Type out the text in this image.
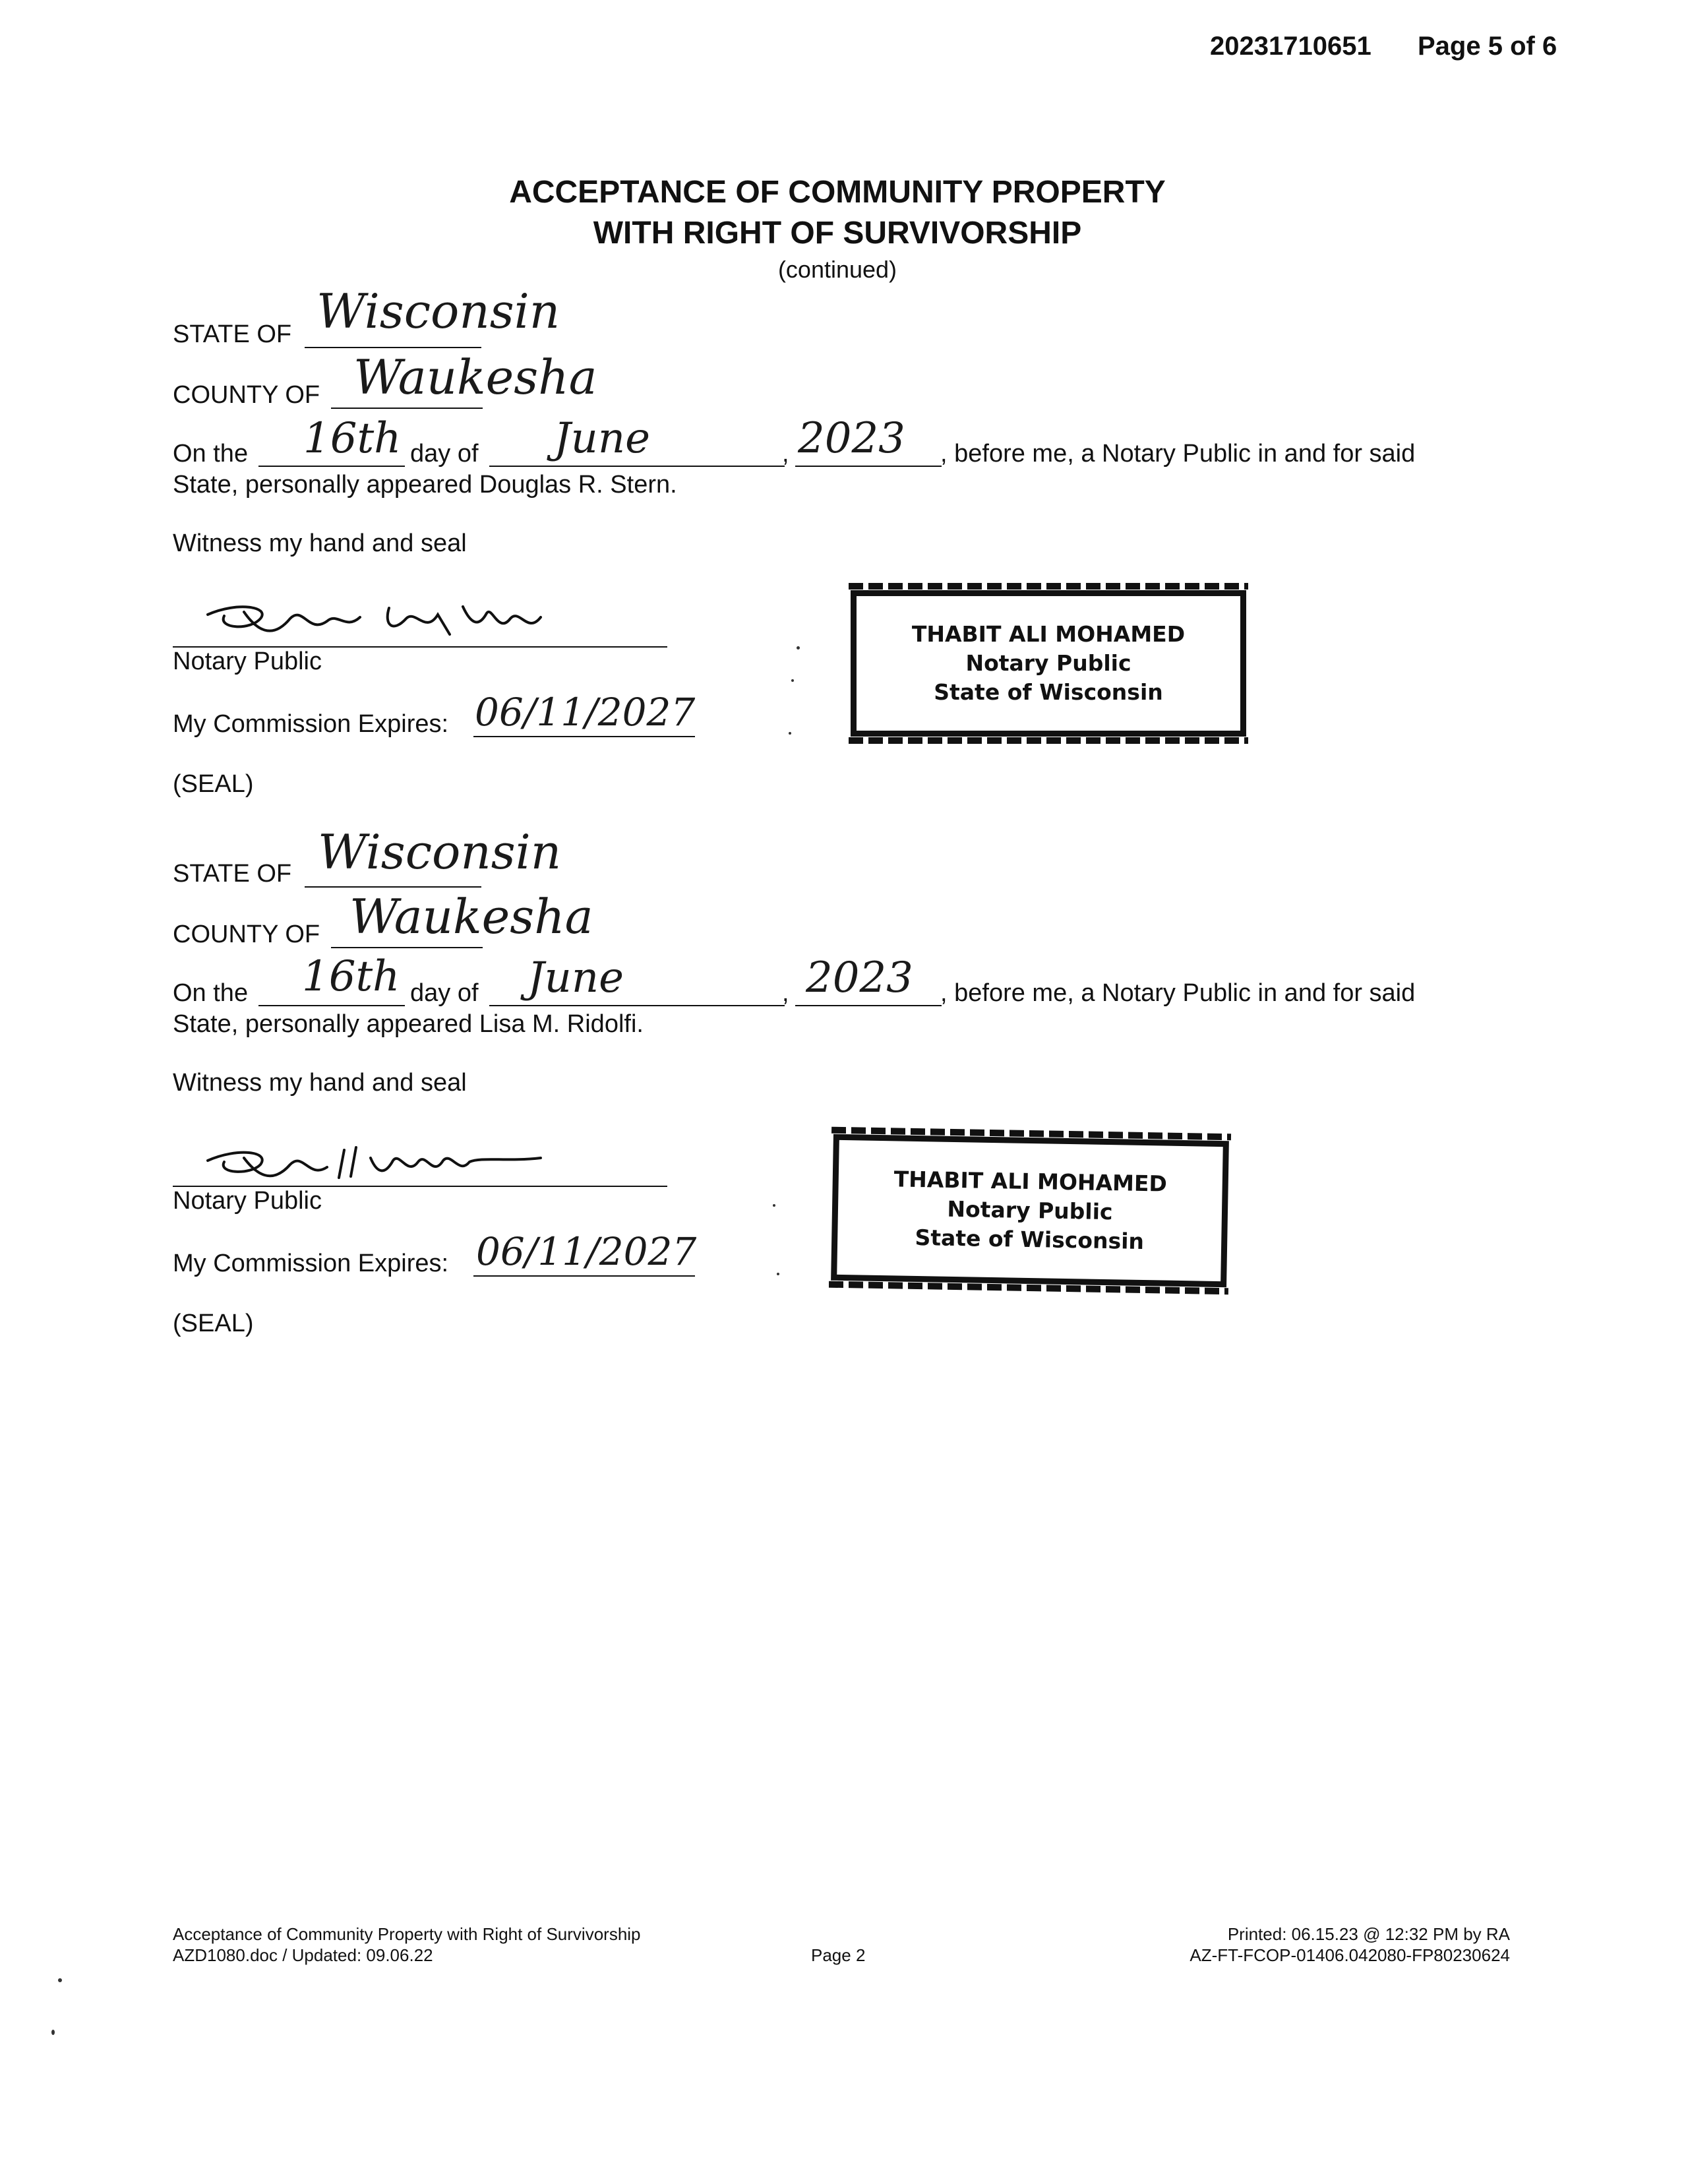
20231710651 Page 5 of 6
ACCEPTANCE OF COMMUNITY PROPERTY
WITH RIGHT OF SURVIVORSHIP
(continued)
STATE OF Wisconsin
COUNTY OF Waukesha
On the 16th day of June	, 2023 , before me, a Notary Public in and for said
State, personally appeared Douglas R. Stern.
Witness my hand and seal
Notary Public
My Commission Expires: 06/11/2027
(SEAL)
THABIT ALI MOHAMED
Notary Public
State of Wisconsin
STATE OF Wisconsin
COUNTY OF Waukesha
On the 16th day of June	, 2023 , before me, a Notary Public in and for said
State, personally appeared Lisa M. Ridolfi.
Witness my hand and seal
Notary Public
My Commission Expires: 06/11/2027
(SEAL)
THABIT ALI MOHAMED
Notary Public
State of Wisconsin
Acceptance of Community Property with Right of Survivorship
AZD1080.doc / Updated: 09.06.22	Page 2
Printed: 06.15.23 @ 12:32 PM by RA
AZ-FT-FCOP-01406.042080-FP80230624
